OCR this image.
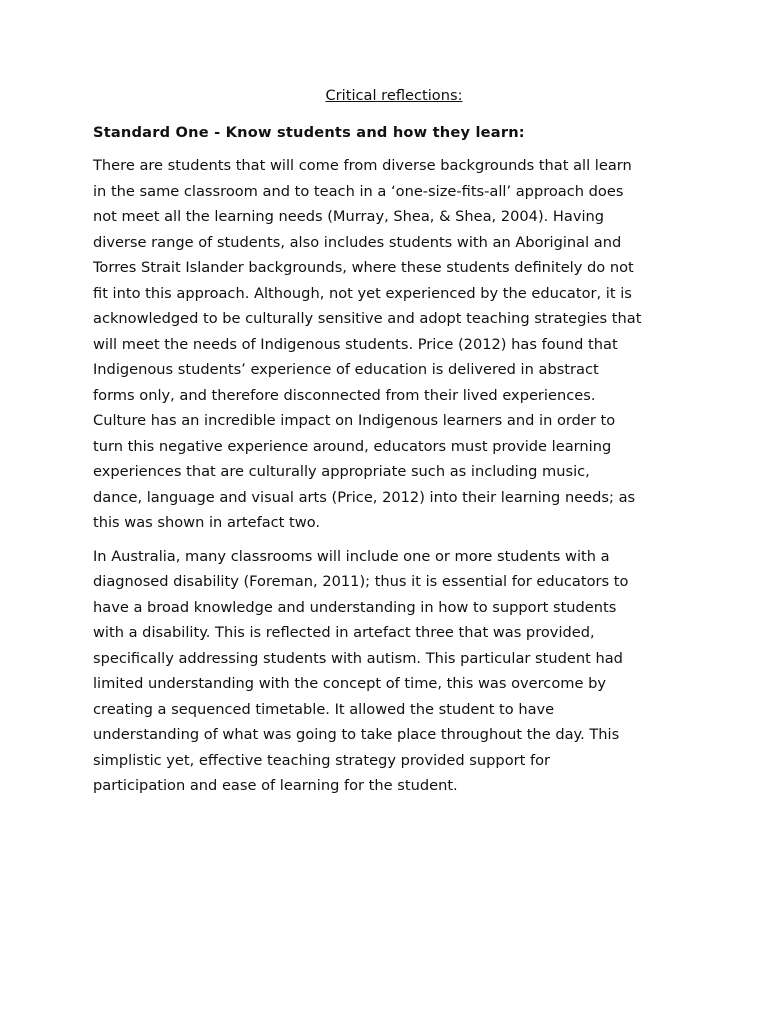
Critical reflections:
Standard One - Know students and how they learn:
There are students that will come from diverse backgrounds that all learn
in the same classroom and to teach in a ‘one-size-fits-all’ approach does
not meet all the learning needs (Murray, Shea, & Shea, 2004). Having
diverse range of students, also includes students with an Aboriginal and
Torres Strait Islander backgrounds, where these students definitely do not
fit into this approach. Although, not yet experienced by the educator, it is
acknowledged to be culturally sensitive and adopt teaching strategies that
will meet the needs of Indigenous students. Price (2012) has found that
Indigenous students’ experience of education is delivered in abstract
forms only, and therefore disconnected from their lived experiences.
Culture has an incredible impact on Indigenous learners and in order to
turn this negative experience around, educators must provide learning
experiences that are culturally appropriate such as including music,
dance, language and visual arts (Price, 2012) into their learning needs; as
this was shown in artefact two.
In Australia, many classrooms will include one or more students with a
diagnosed disability (Foreman, 2011); thus it is essential for educators to
have a broad knowledge and understanding in how to support students
with a disability. This is reflected in artefact three that was provided,
specifically addressing students with autism. This particular student had
limited understanding with the concept of time, this was overcome by
creating a sequenced timetable. It allowed the student to have
understanding of what was going to take place throughout the day. This
simplistic yet, effective teaching strategy provided support for
participation and ease of learning for the student.
